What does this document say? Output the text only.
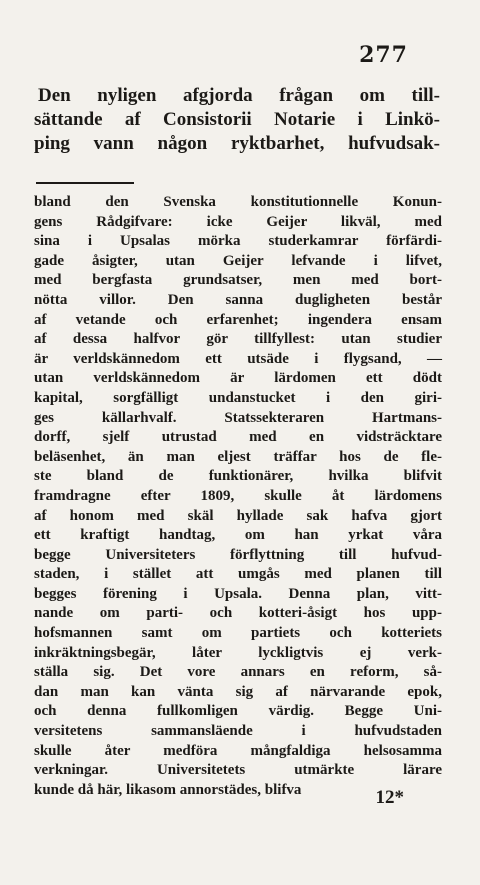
277

Den nyligen afgjorda frågan om till-
sättande af Consistorii Notarie i Linkö-
ping vann någon ryktbarhet, hufvudsak-

bland den Svenska konstitutionnelle Konun-
gens Rådgifvare: icke Geijer likväl, med
sina i Upsalas mörka studerkamrar förfärdi-
gade åsigter, utan Geijer lefvande i lifvet,
med bergfasta grundsatser, men med bort-
nötta villor. Den sanna dugligheten består
af vetande och erfarenhet; ingendera ensam
af dessa halfvor gör tillfyllest: utan studier
är verldskännedom ett utsäde i flygsand, —
utan verldskännedom är lärdomen ett dödt
kapital, sorgfälligt undanstucket i den giri-
ges källarhvalf. Statssekteraren Hartmans-
dorff, sjelf utrustad med en vidsträcktare
beläsenhet, än man eljest träffar hos de fle-
ste bland de funktionärer, hvilka blifvit
framdragne efter 1809, skulle åt lärdomens
af honom med skäl hyllade sak hafva gjort
ett kraftigt handtag, om han yrkat våra
begge Universiteters förflyttning till hufvud-
staden, i stället att umgås med planen till
begges förening i Upsala. Denna plan, vitt-
nande om parti- och kotteri-åsigt hos upp-
hofsmannen samt om partiets och kotteriets
inkräktningsbegär, låter lyckligtvis ej verk-
ställa sig. Det vore annars en reform, så-
dan man kan vänta sig af närvarande epok,
och denna fullkomligen värdig. Begge Uni-
versitetens sammansläende i hufvudstaden
skulle åter medföra mångfaldiga helsosamma
verkningar. Universitetets utmärkte lärare
kunde då här, likasom annorstädes, blifva	12*
